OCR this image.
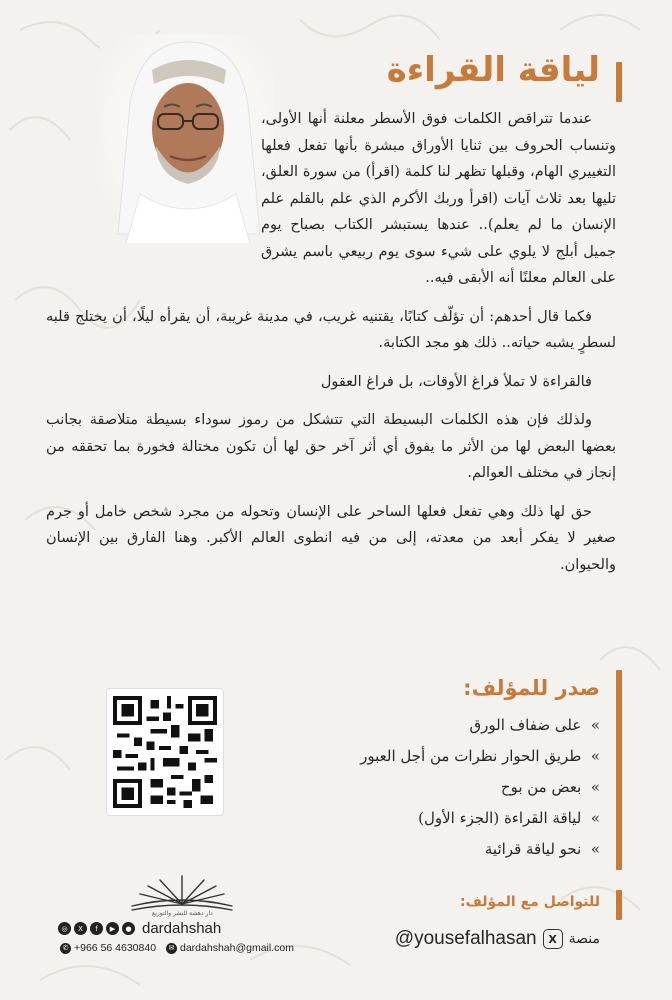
لياقة القراءة

عندما تتراقص الكلمات فوق الأسطر معلنة أنها الأولى، وتنساب الحروف بين ثنايا الأوراق مبشرة بأنها تفعل فعلها التغييري الهام، وقبلها تظهر لنا كلمة (اقرأ) من سورة العلق، تليها بعد ثلاث آيات (اقرأ وربك الأكرم الذي علم بالقلم علم الإنسان ما لم يعلم).. عندها يستبشر الكتاب بصباح يوم جميل أبلج لا يلوي على شيء سوى يوم ربيعي باسم يشرق على العالم معلنًا أنه الأبقى فيه..

فكما قال أحدهم: أن تؤلّف كتابًا، يقتنيه غريب، في مدينة غريبة، أن يقرأه ليلًا، أن يختلج قلبه لسطرٍ يشبه حياته.. ذلك هو مجد الكتابة.

فالقراءة لا تملأ فراغ الأوقات، بل فراغ العقول

ولذلك فإن هذه الكلمات البسيطة التي تتشكل من رموز سوداء بسيطة متلاصقة بجانب بعضها البعض لها من الأثر ما يفوق أي أثر آخر حق لها أن تكون مختالة فخورة بما تحققه من إنجاز في مختلف العوالم.

حق لها ذلك وهي تفعل فعلها الساحر على الإنسان وتحوله من مجرد شخص خامل أو جرم صغير لا يفكر أبعد من معدته، إلى من فيه انطوى العالم الأكبر. وهنا الفارق بين الإنسان والحيوان.

صدر للمؤلف:
»  على ضفاف الورق
»  طريق الحوار نظرات من أجل العبور
»  بعض من بوح
»  لياقة القراءة (الجزء الأول)
»  نحو لياقة قرائية
للتواصل مع المؤلف:
منصة
X
@yousefalhasan
دار دهشة للنشر والتوزيع
◎	X	f	▶	● dardahshah
✆ +966 56 4630840	✉ dardahshah@gmail.com
